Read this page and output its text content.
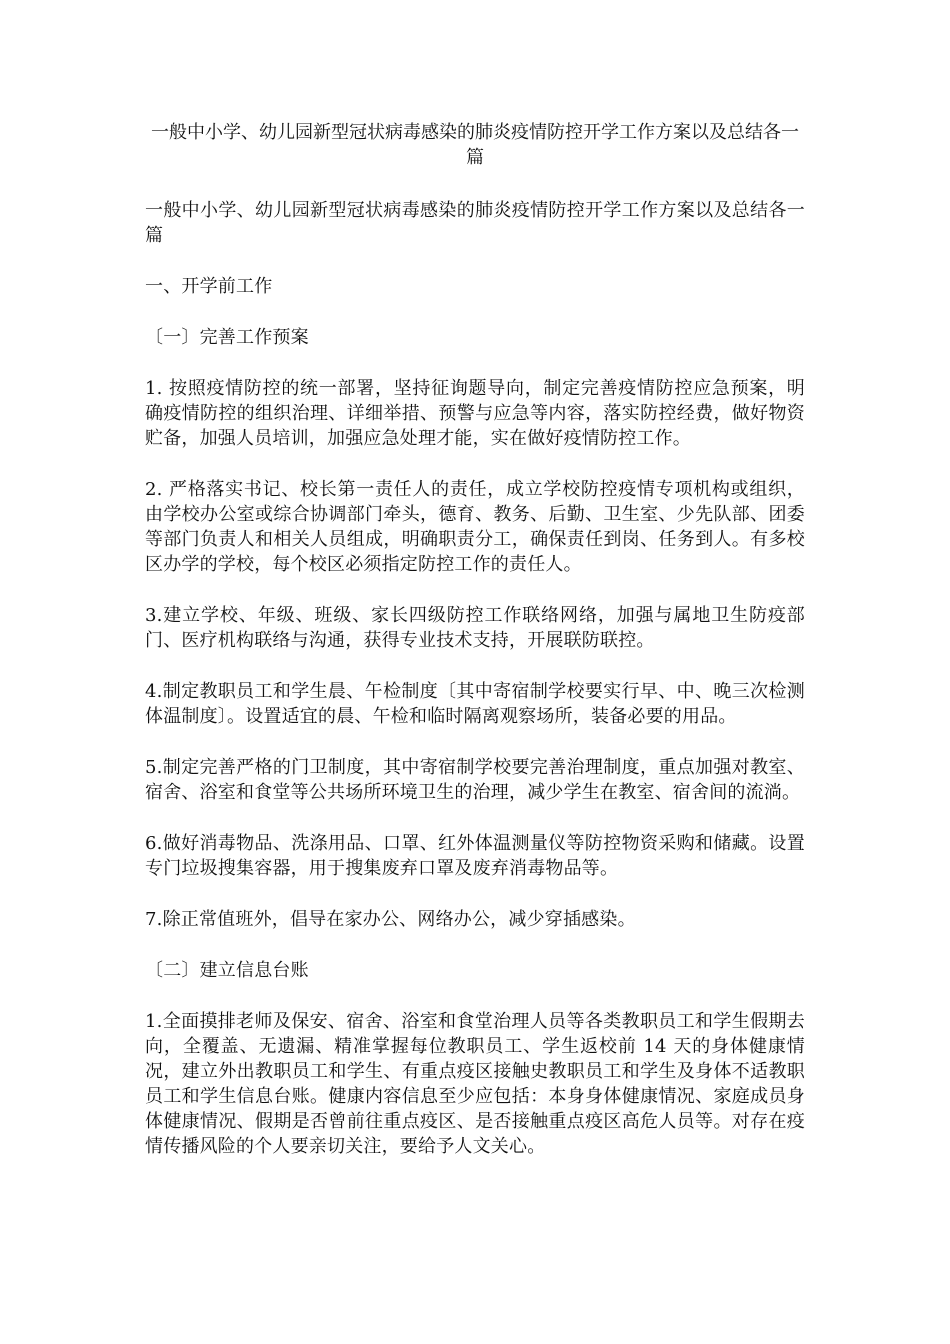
一般中小学、幼儿园新型冠状病毒感染的肺炎疫情防控开学工作方案以及总结各一篇

一般中小学、幼儿园新型冠状病毒感染的肺炎疫情防控开学工作方案以及总结各一篇

一、开学前工作

〔一〕完善工作预案

1. 按照疫情防控的统一部署，坚持征询题导向，制定完善疫情防控应急预案，明确疫情防控的组织治理、详细举措、预警与应急等内容，落实防控经费，做好物资贮备，加强人员培训，加强应急处理才能，实在做好疫情防控工作。

2. 严格落实书记、校长第一责任人的责任，成立学校防控疫情专项机构或组织，由学校办公室或综合协调部门牵头，德育、教务、后勤、卫生室、少先队部、团委等部门负责人和相关人员组成，明确职责分工，确保责任到岗、任务到人。有多校区办学的学校，每个校区必须指定防控工作的责任人。

3.建立学校、年级、班级、家长四级防控工作联络网络，加强与属地卫生防疫部门、医疗机构联络与沟通，获得专业技术支持，开展联防联控。

4.制定教职员工和学生晨、午检制度〔其中寄宿制学校要实行早、中、晚三次检测体温制度〕。设置适宜的晨、午检和临时隔离观察场所，装备必要的用品。

5.制定完善严格的门卫制度，其中寄宿制学校要完善治理制度，重点加强对教室、宿舍、浴室和食堂等公共场所环境卫生的治理，减少学生在教室、宿舍间的流淌。

6.做好消毒物品、洗涤用品、口罩、红外体温测量仪等防控物资采购和储藏。设置专门垃圾搜集容器，用于搜集废弃口罩及废弃消毒物品等。

7.除正常值班外，倡导在家办公、网络办公，减少穿插感染。

〔二〕建立信息台账

1.全面摸排老师及保安、宿舍、浴室和食堂治理人员等各类教职员工和学生假期去向，全覆盖、无遗漏、精准掌握每位教职员工、学生返校前 14 天的身体健康情况，建立外出教职员工和学生、有重点疫区接触史教职员工和学生及身体不适教职员工和学生信息台账。健康内容信息至少应包括：本身身体健康情况、家庭成员身体健康情况、假期是否曾前往重点疫区、是否接触重点疫区高危人员等。对存在疫情传播风险的个人要亲切关注，要给予人文关心。
